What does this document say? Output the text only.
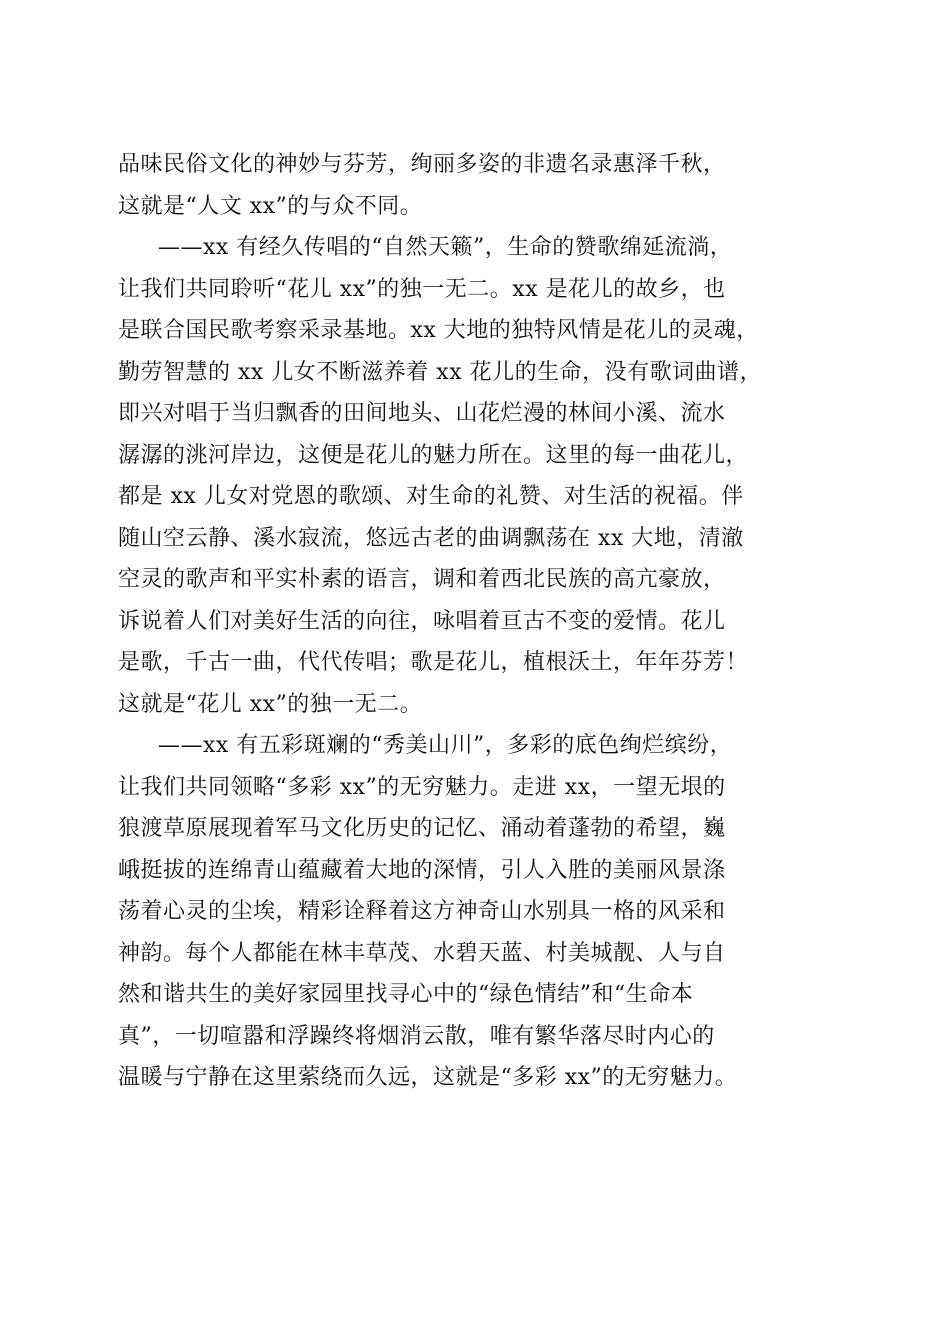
品味民俗文化的神妙与芬芳，绚丽多姿的非遗名录惠泽千秋，
这就是“人文 xx”的与众不同。
——xx 有经久传唱的“自然天籁”，生命的赞歌绵延流淌，
让我们共同聆听“花儿 xx”的独一无二。xx 是花儿的故乡，也
是联合国民歌考察采录基地。xx 大地的独特风情是花儿的灵魂，
勤劳智慧的 xx 儿女不断滋养着 xx 花儿的生命，没有歌词曲谱，
即兴对唱于当归飘香的田间地头、山花烂漫的林间小溪、流水
潺潺的洮河岸边，这便是花儿的魅力所在。这里的每一曲花儿，
都是 xx 儿女对党恩的歌颂、对生命的礼赞、对生活的祝福。伴
随山空云静、溪水寂流，悠远古老的曲调飘荡在 xx 大地，清澈
空灵的歌声和平实朴素的语言，调和着西北民族的高亢豪放，
诉说着人们对美好生活的向往，咏唱着亘古不变的爱情。花儿
是歌，千古一曲，代代传唱；歌是花儿，植根沃土，年年芬芳！
这就是“花儿 xx”的独一无二。
——xx 有五彩斑斓的“秀美山川”，多彩的底色绚烂缤纷，
让我们共同领略“多彩 xx”的无穷魅力。走进 xx，一望无垠的
狼渡草原展现着军马文化历史的记忆、涌动着蓬勃的希望，巍
峨挺拔的连绵青山蕴藏着大地的深情，引人入胜的美丽风景涤
荡着心灵的尘埃，精彩诠释着这方神奇山水别具一格的风采和
神韵。每个人都能在林丰草茂、水碧天蓝、村美城靓、人与自
然和谐共生的美好家园里找寻心中的“绿色情结”和“生命本
真”，一切喧嚣和浮躁终将烟消云散，唯有繁华落尽时内心的
温暖与宁静在这里萦绕而久远，这就是“多彩 xx”的无穷魅力。
